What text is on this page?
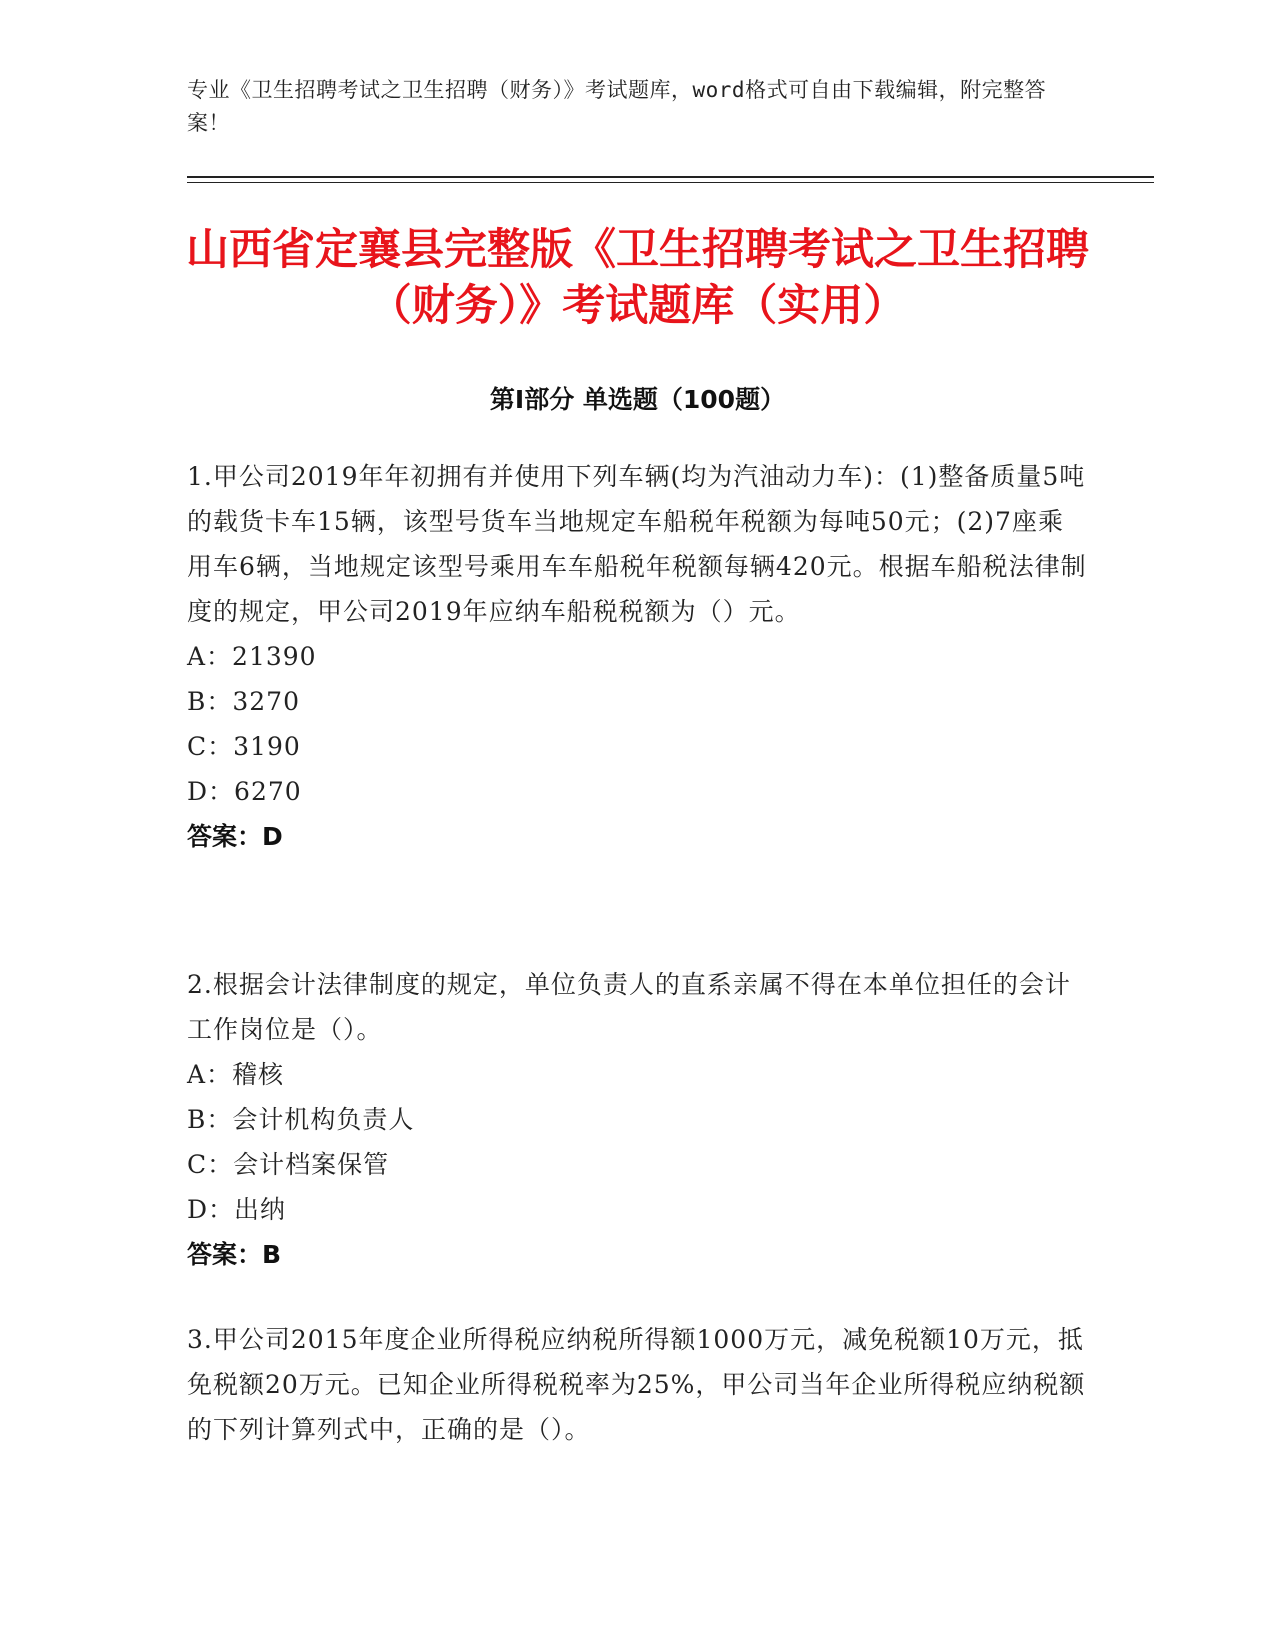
专业《卫生招聘考试之卫生招聘（财务）》考试题库，word格式可自由下载编辑，附完整答案！
山西省定襄县完整版《卫生招聘考试之卫生招聘（财务）》考试题库（实用）
第Ⅰ部分 单选题（100题）
1.甲公司2019年年初拥有并使用下列车辆(均为汽油动力车)：(1)整备质量5吨的载货卡车15辆，该型号货车当地规定车船税年税额为每吨50元；(2)7座乘用车6辆，当地规定该型号乘用车车船税年税额每辆420元。根据车船税法律制度的规定，甲公司2019年应纳车船税税额为（）元。
A：21390
B：3270
C：3190
D：6270
答案：D
2.根据会计法律制度的规定，单位负责人的直系亲属不得在本单位担任的会计工作岗位是（）。
A：稽核
B：会计机构负责人
C：会计档案保管
D：出纳
答案：B
3.甲公司2015年度企业所得税应纳税所得额1000万元，减免税额10万元，抵免税额20万元。已知企业所得税税率为25%，甲公司当年企业所得税应纳税额的下列计算列式中，正确的是（）。
